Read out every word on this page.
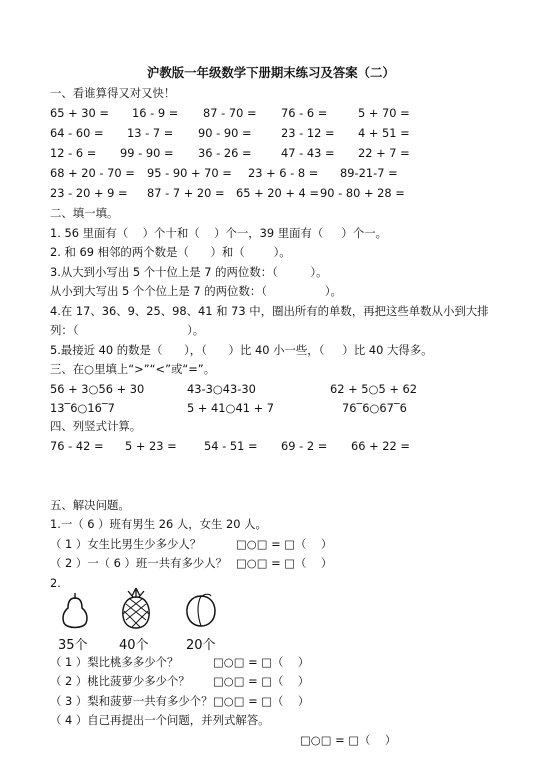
沪教版一年级数学下册期末练习及答案（二）
一、看谁算得又对又快！
65 + 30 = 16 - 9 = 87 - 70 = 76 - 6 =	5 + 70 =
64 - 60 = 13 - 7 = 90 - 90 =	23 - 12 = 4 + 51 =
12 - 6 = 99 - 90 = 36 - 26 =	47 - 43 = 22 + 7 =
68 + 20 - 70 = 95 - 90 + 70 = 23 + 6 - 8 = 89-21-7 =
23 - 20 + 9 = 87 - 7 + 20 = 65 + 20 + 4 = 90 - 80 + 28 =
二、填一填。
1. 56 里面有（    ）个十和（    ）个一，39 里面有（     ）个一。
2. 和 69 相邻的两个数是（      ）和（        ）。
3.从大到小写出 5 个十位上是 7 的两位数：（         ）。
从小到大写出 5 个个位上是 7 的两位数：（                ）。
4.在 17、36、9、25、98、41 和 73 中，圈出所有的单数，再把这些单数从小到大排
列：（                              ）。
5.最接近 40 的数是（      ），（      ）比 40 小一些，（     ）比 40 大得多。
三、在○里填上“>”“<”或“=”。
56 + 3○56 + 30	43-3○43-30	62 + 5○5 + 62
13‾6○16‾7	5 + 41○41 + 7	76‾6○67‾6
四、列竖式计算。
76 - 42 = 5 + 23 = 54 - 51 = 69 - 2 = 66 + 22 =
五、解决问题。
1.一（ 6 ）班有男生 26 人，女生 20 人。
（ 1 ）女生比男生少多少人？	□○□ = □（    ）
（ 2 ）一（ 6 ）班一共有多少人？ □○□ = □（    ）
2.
35个 40个	20个
（ 1 ）梨比桃多多少个？	□○□ = □（    ）
（ 2 ）桃比菠萝少多少个？ □○□ = □（    ）
（ 3 ）梨和菠萝一共有多少个？ □○□ = □（    ）
（ 4 ）自己再提出一个问题，并列式解答。
□○□ = □（    ）
